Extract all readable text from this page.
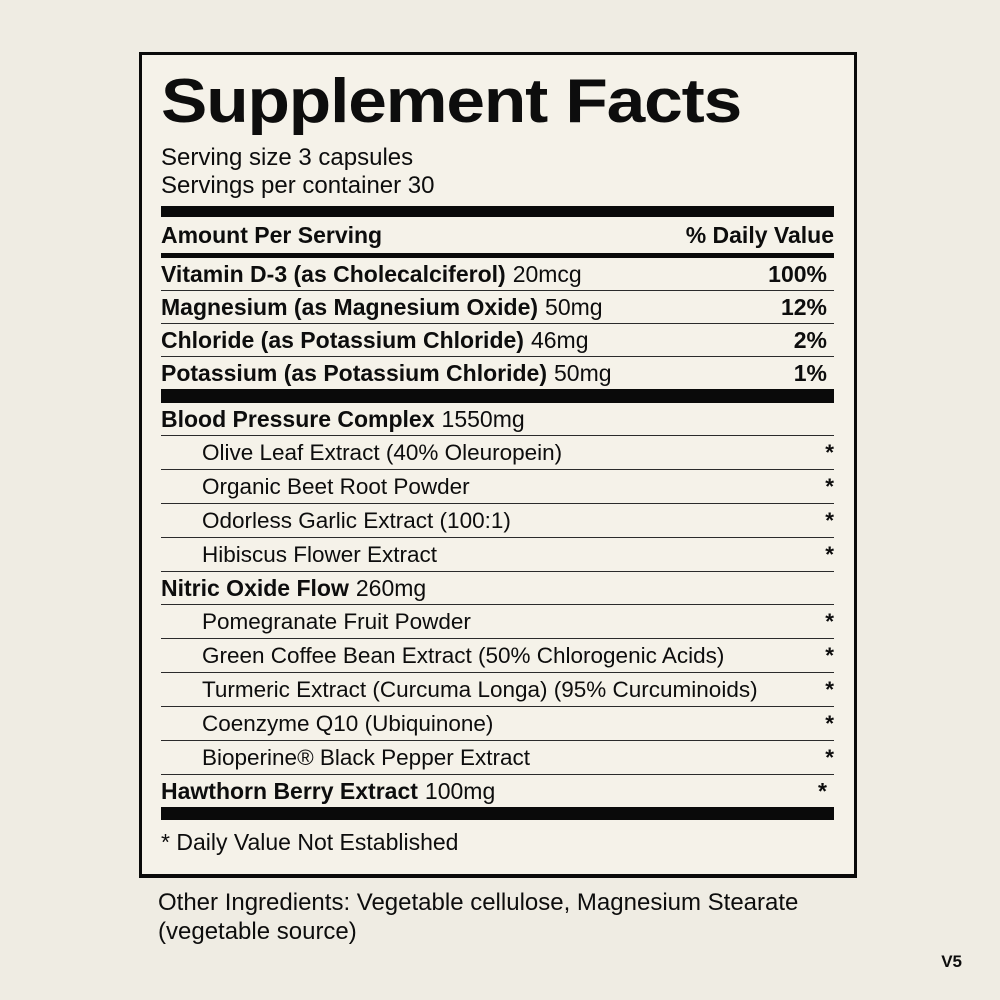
Supplement Facts
Serving size 3 capsules
Servings per container 30
Amount Per Serving	% Daily Value
Vitamin D-3 (as Cholecalciferol) 20mcg	100%
Magnesium (as Magnesium Oxide) 50mg	12%
Chloride (as Potassium Chloride) 46mg	2%
Potassium (as Potassium Chloride) 50mg	1%
Blood Pressure Complex 1550mg
Olive Leaf Extract (40% Oleuropein)	*
Organic Beet Root Powder	*
Odorless Garlic Extract (100:1)	*
Hibiscus Flower Extract	*
Nitric Oxide Flow 260mg
Pomegranate Fruit Powder	*
Green Coffee Bean Extract (50% Chlorogenic Acids)	*
Turmeric Extract (Curcuma Longa) (95% Curcuminoids)	*
Coenzyme Q10 (Ubiquinone)	*
Bioperine® Black Pepper Extract	*
Hawthorn Berry Extract 100mg	*
* Daily Value Not Established
Other Ingredients: Vegetable cellulose, Magnesium Stearate (vegetable source)
V5
